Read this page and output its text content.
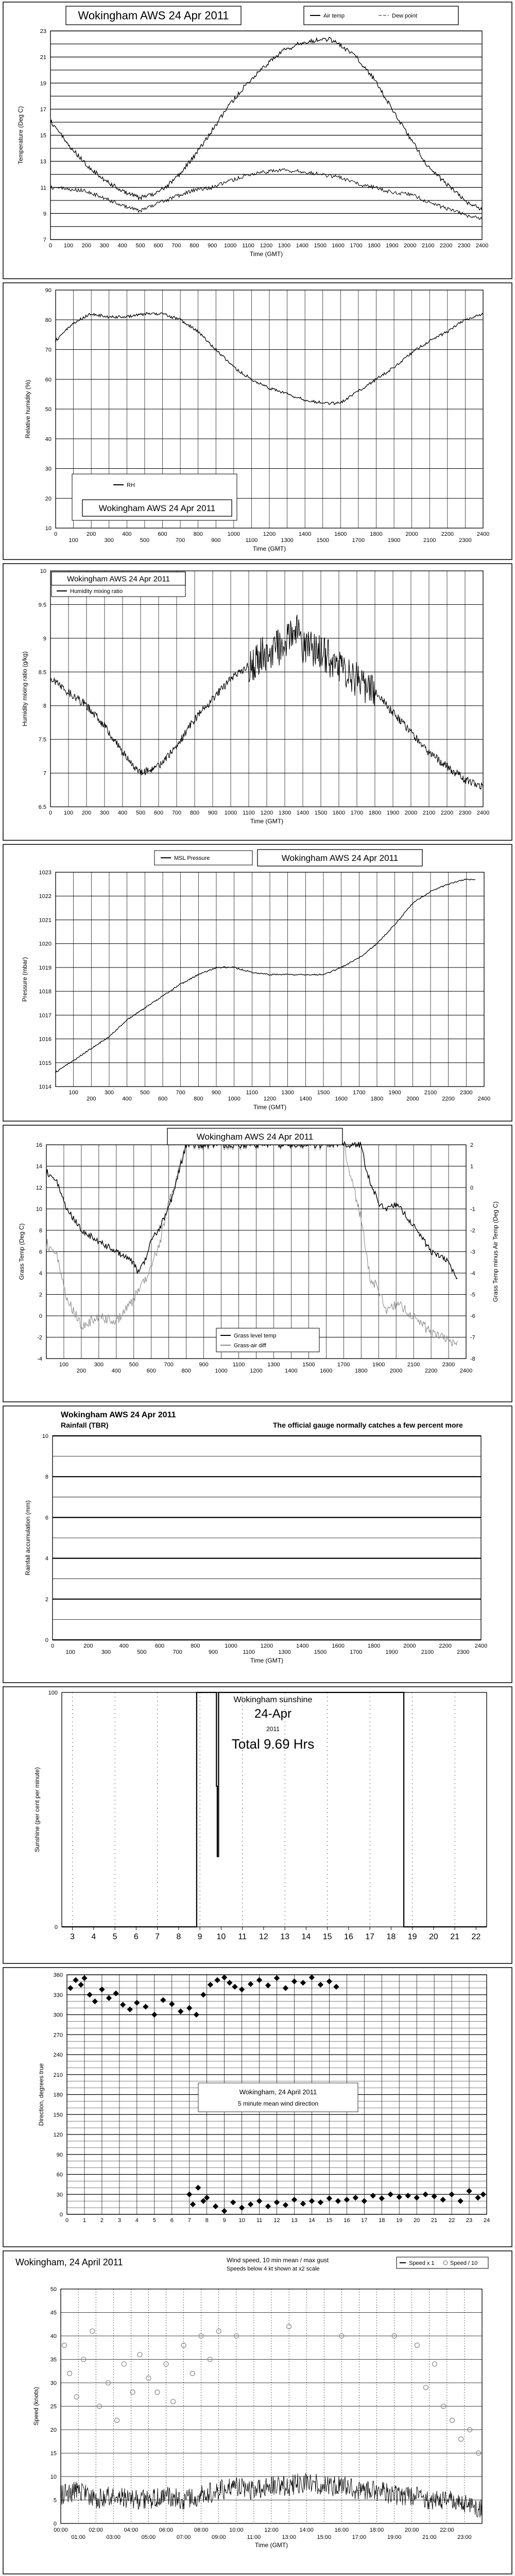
7
9
11
13
15
17
19
21
23
0 100 200 300 400 500 600 700 800 900 1000 1100 1200 1300 1400 1500 1600 1700 1800 1900 2000 2100 2200 2300 2400
Time (GMT)
Temperature (Deg C)
Wokingham AWS 24 Apr 2011	Air temp	Dew point
10
20
30
40
50
60
70
80
90
0
100
200
300
400
500
600
700
800
900
1000
1100
1200
1300
1400
1500
1600
1700
1800
1900
2000
2100
2200
2300
2400
Time (GMT)
Relative humidity (%)
RH
Wokingham AWS 24 Apr 2011
6.5
7
7.5
8
8.5
9
9.5
10
0 100 200 300 400 500 600 700 800 900 1000 1100 1200 1300 1400 1500 1600 1700 1800 1900 2000 2100 2200 2300 2400
Time (GMT)
Humidity mixing ratio (g/kg)
Wokingham AWS 24 Apr 2011
Humidity mixing ratio
1014
1015
1016
1017
1018
1019
1020
1021
1022
1023
100
200
300
400
500
600
700
800
900
1000
1100
1200
1300
1400
1500
1600
1700
1800
1900
2000
2100
2200
2300
2400
Time (GMT)
Pressure (mbar)
MSL Pressure	Wokingham AWS 24 Apr 2011
-4
-2
0
2
4
6
8
10
12
14
16
-8
-7
-6
-5
-4
-3
-2
-1
0
1
2
100
200
300
400
500
600
700
800
900
1000
1100
1200
1300
1400
1500
1600
1700
1800
1900
2000
2100
2200
2300
2400
Grass Temp (Deg C)	Grass Temp minus Air Temp (Deg C)
Wokingham AWS 24 Apr 2011
Grass level temp
Grass-air diff
0
2
4
6
8
10
0
100
200
300
400
500
600
700
800
900
1000
1100
1200
1300
1400
1500
1600
1700
1800
1900
2000
2100
2200
2300
2400
Time (GMT)
Rainfall accumulation (mm)
Wokingham AWS 24 Apr 2011
Rainfall (TBR)	The official gauge normally catches a few percent more
0
100
3 4 5 6 7 8 9 10 11 12 13 14 15 16 17 18 19 20 21 22
Sunshine (per cent per minute)
Wokingham sunshine
24-Apr
2011
Total 9.69 Hrs
0
30
60
90
120
150
180
210
240
270
300
330
360
0	1	2	3	4	5	6	7	8	9 10 11 12 13 14 15 16 17 18 19 20 21 22 23 24
Direction, degrees true	Wokingham, 24 April 2011
5 minute mean wind direction
0
5
10
15
20
25
30
35
40
45
50
00:00	02:00	04:00	06:00	08:00	10:00	12:00	14:00	16:00	18:00	20:00	22:00
01:00	03:00	05:00	07:00	09:00	11:00	13:00	15:00	17:00	19:00	21:00	23:00
Time (GMT)
Speed (knots)
Wokingham, 24 April 2011	Wind speed, 10 min mean / max gust
Speeds below 4 kt shown at x2 scale
Speed x 1	Speed / 10
